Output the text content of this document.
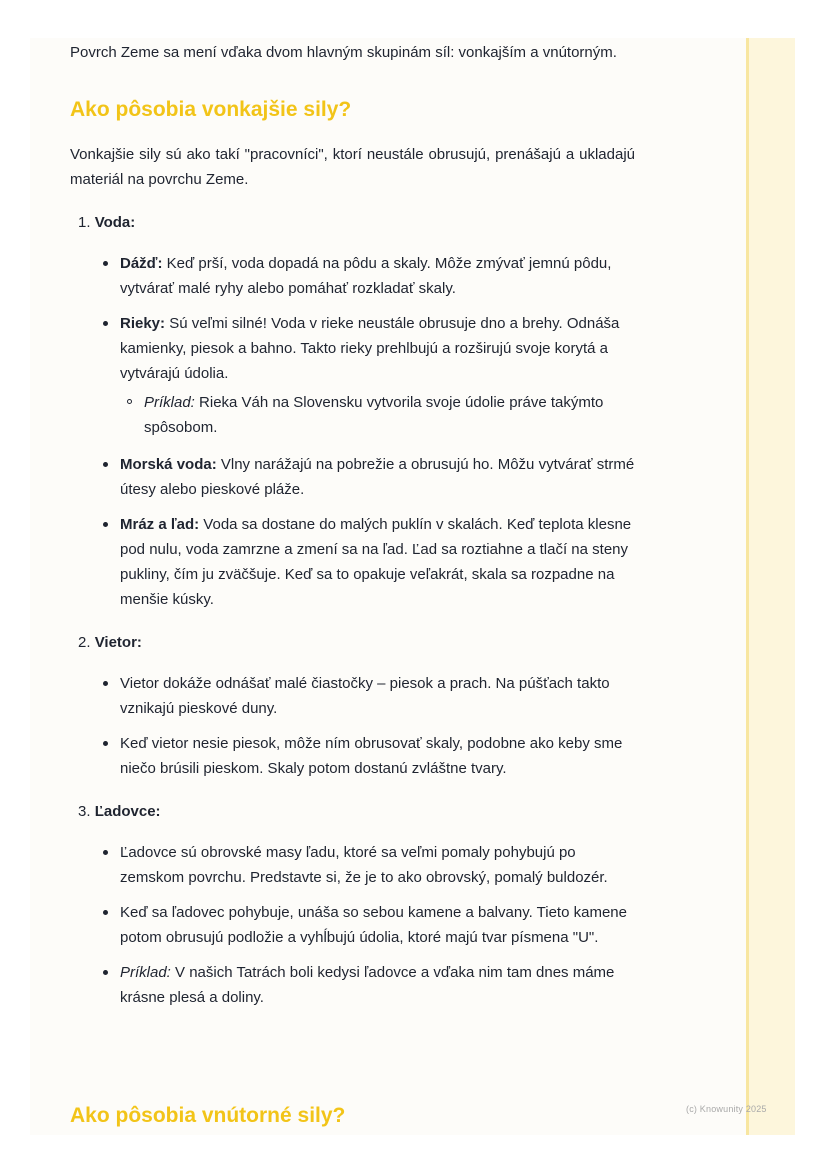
Povrch Zeme sa mení vďaka dvom hlavným skupinám síl: vonkajším a vnútorným.

Ako pôsobia vonkajšie sily?

Vonkajšie sily sú ako takí "pracovníci", ktorí neustále obrusujú, prenášajú a ukladajú materiál na povrchu Zeme.

1. Voda:
Dážď: Keď prší, voda dopadá na pôdu a skaly. Môže zmývať jemnú pôdu, vytvárať malé ryhy alebo pomáhať rozkladať skaly.
Rieky: Sú veľmi silné! Voda v rieke neustále obrusuje dno a brehy. Odnáša kamienky, piesok a bahno. Takto rieky prehlbujú a rozširujú svoje korytá a vytvárajú údolia.
Príklad: Rieka Váh na Slovensku vytvorila svoje údolie práve takýmto spôsobom.
Morská voda: Vlny narážajú na pobrežie a obrusujú ho. Môžu vytvárať strmé útesy alebo pieskové pláže.
Mráz a ľad: Voda sa dostane do malých puklín v skalách. Keď teplota klesne pod nulu, voda zamrzne a zmení sa na ľad. Ľad sa roztiahne a tlačí na steny pukliny, čím ju zväčšuje. Keď sa to opakuje veľakrát, skala sa rozpadne na menšie kúsky.
2. Vietor:
Vietor dokáže odnášať malé čiastočky – piesok a prach. Na púšťach takto vznikajú pieskové duny.
Keď vietor nesie piesok, môže ním obrusovať skaly, podobne ako keby sme niečo brúsili pieskom. Skaly potom dostanú zvláštne tvary.
3. Ľadovce:
Ľadovce sú obrovské masy ľadu, ktoré sa veľmi pomaly pohybujú po zemskom povrchu. Predstavte si, že je to ako obrovský, pomalý buldozér.
Keď sa ľadovec pohybuje, unáša so sebou kamene a balvany. Tieto kamene potom obrusujú podložie a vyhĺbujú údolia, ktoré majú tvar písmena "U".
Príklad: V našich Tatrách boli kedysi ľadovce a vďaka nim tam dnes máme krásne plesá a doliny.
Ako pôsobia vnútorné sily?	(c) Knowunity 2025
